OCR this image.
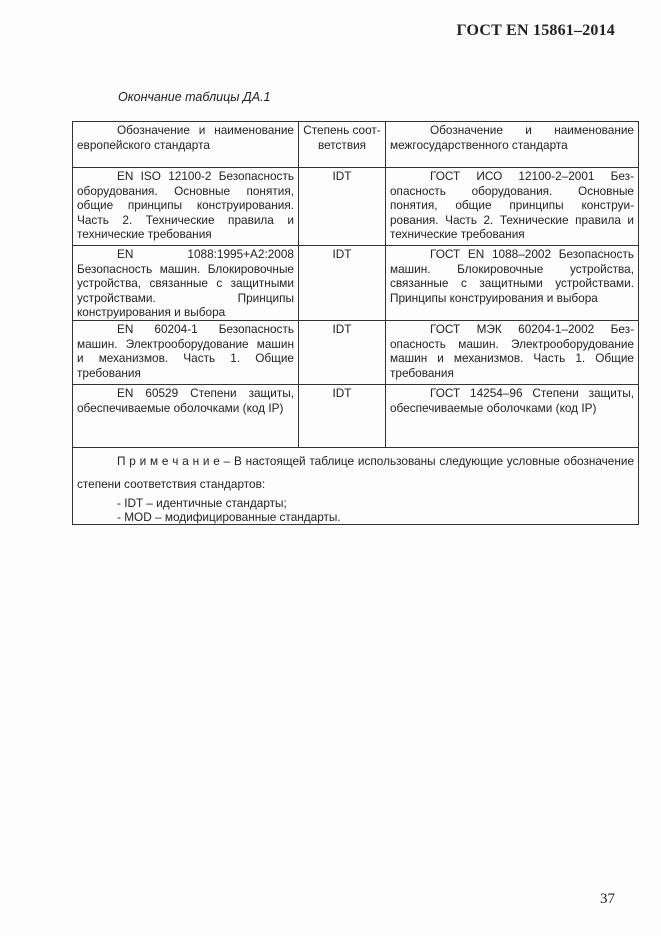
ГОСТ EN 15861–2014
Окончание таблицы ДА.1
Обозначение и наименование европейского стандарта	Степень соответствия	Обозначение и наименование межгосударственного стандарта
EN ISO 12100-2 Безопасность оборудования. Основные понятия, общие принципы конструирования. Часть 2. Технические правила и технические требования	IDT	ГОСТ ИСО 12100-2–2001 Безопасность оборудования. Основные понятия, общие принципы конструирования. Часть 2. Технические правила и технические требования
EN 1088:1995+A2:2008 Безопасность машин. Блокировочные устройства, связанные с защитными устройствами. Принципы конструирования и выбора	IDT	ГОСТ EN 1088–2002 Безопасность машин. Блокировочные устройства, связанные с защитными устройствами. Принципы конструирования и выбора
EN 60204-1 Безопасность машин. Электрооборудование машин и механизмов. Часть 1. Общие требования	IDT	ГОСТ МЭК 60204-1–2002 Безопасность машин. Электрооборудование машин и механизмов. Часть 1. Общие требования
EN 60529 Степени защиты, обеспечиваемые оболочками (код IP)	IDT	ГОСТ 14254–96 Степени защиты, обеспечиваемые оболочками (код IP)

П р и м е ч а н и е – В настоящей таблице использованы следующие условные обозначение степени соответствия стандартов:
- IDT – идентичные стандарты;
- MOD – модифицированные стандарты.		
37
